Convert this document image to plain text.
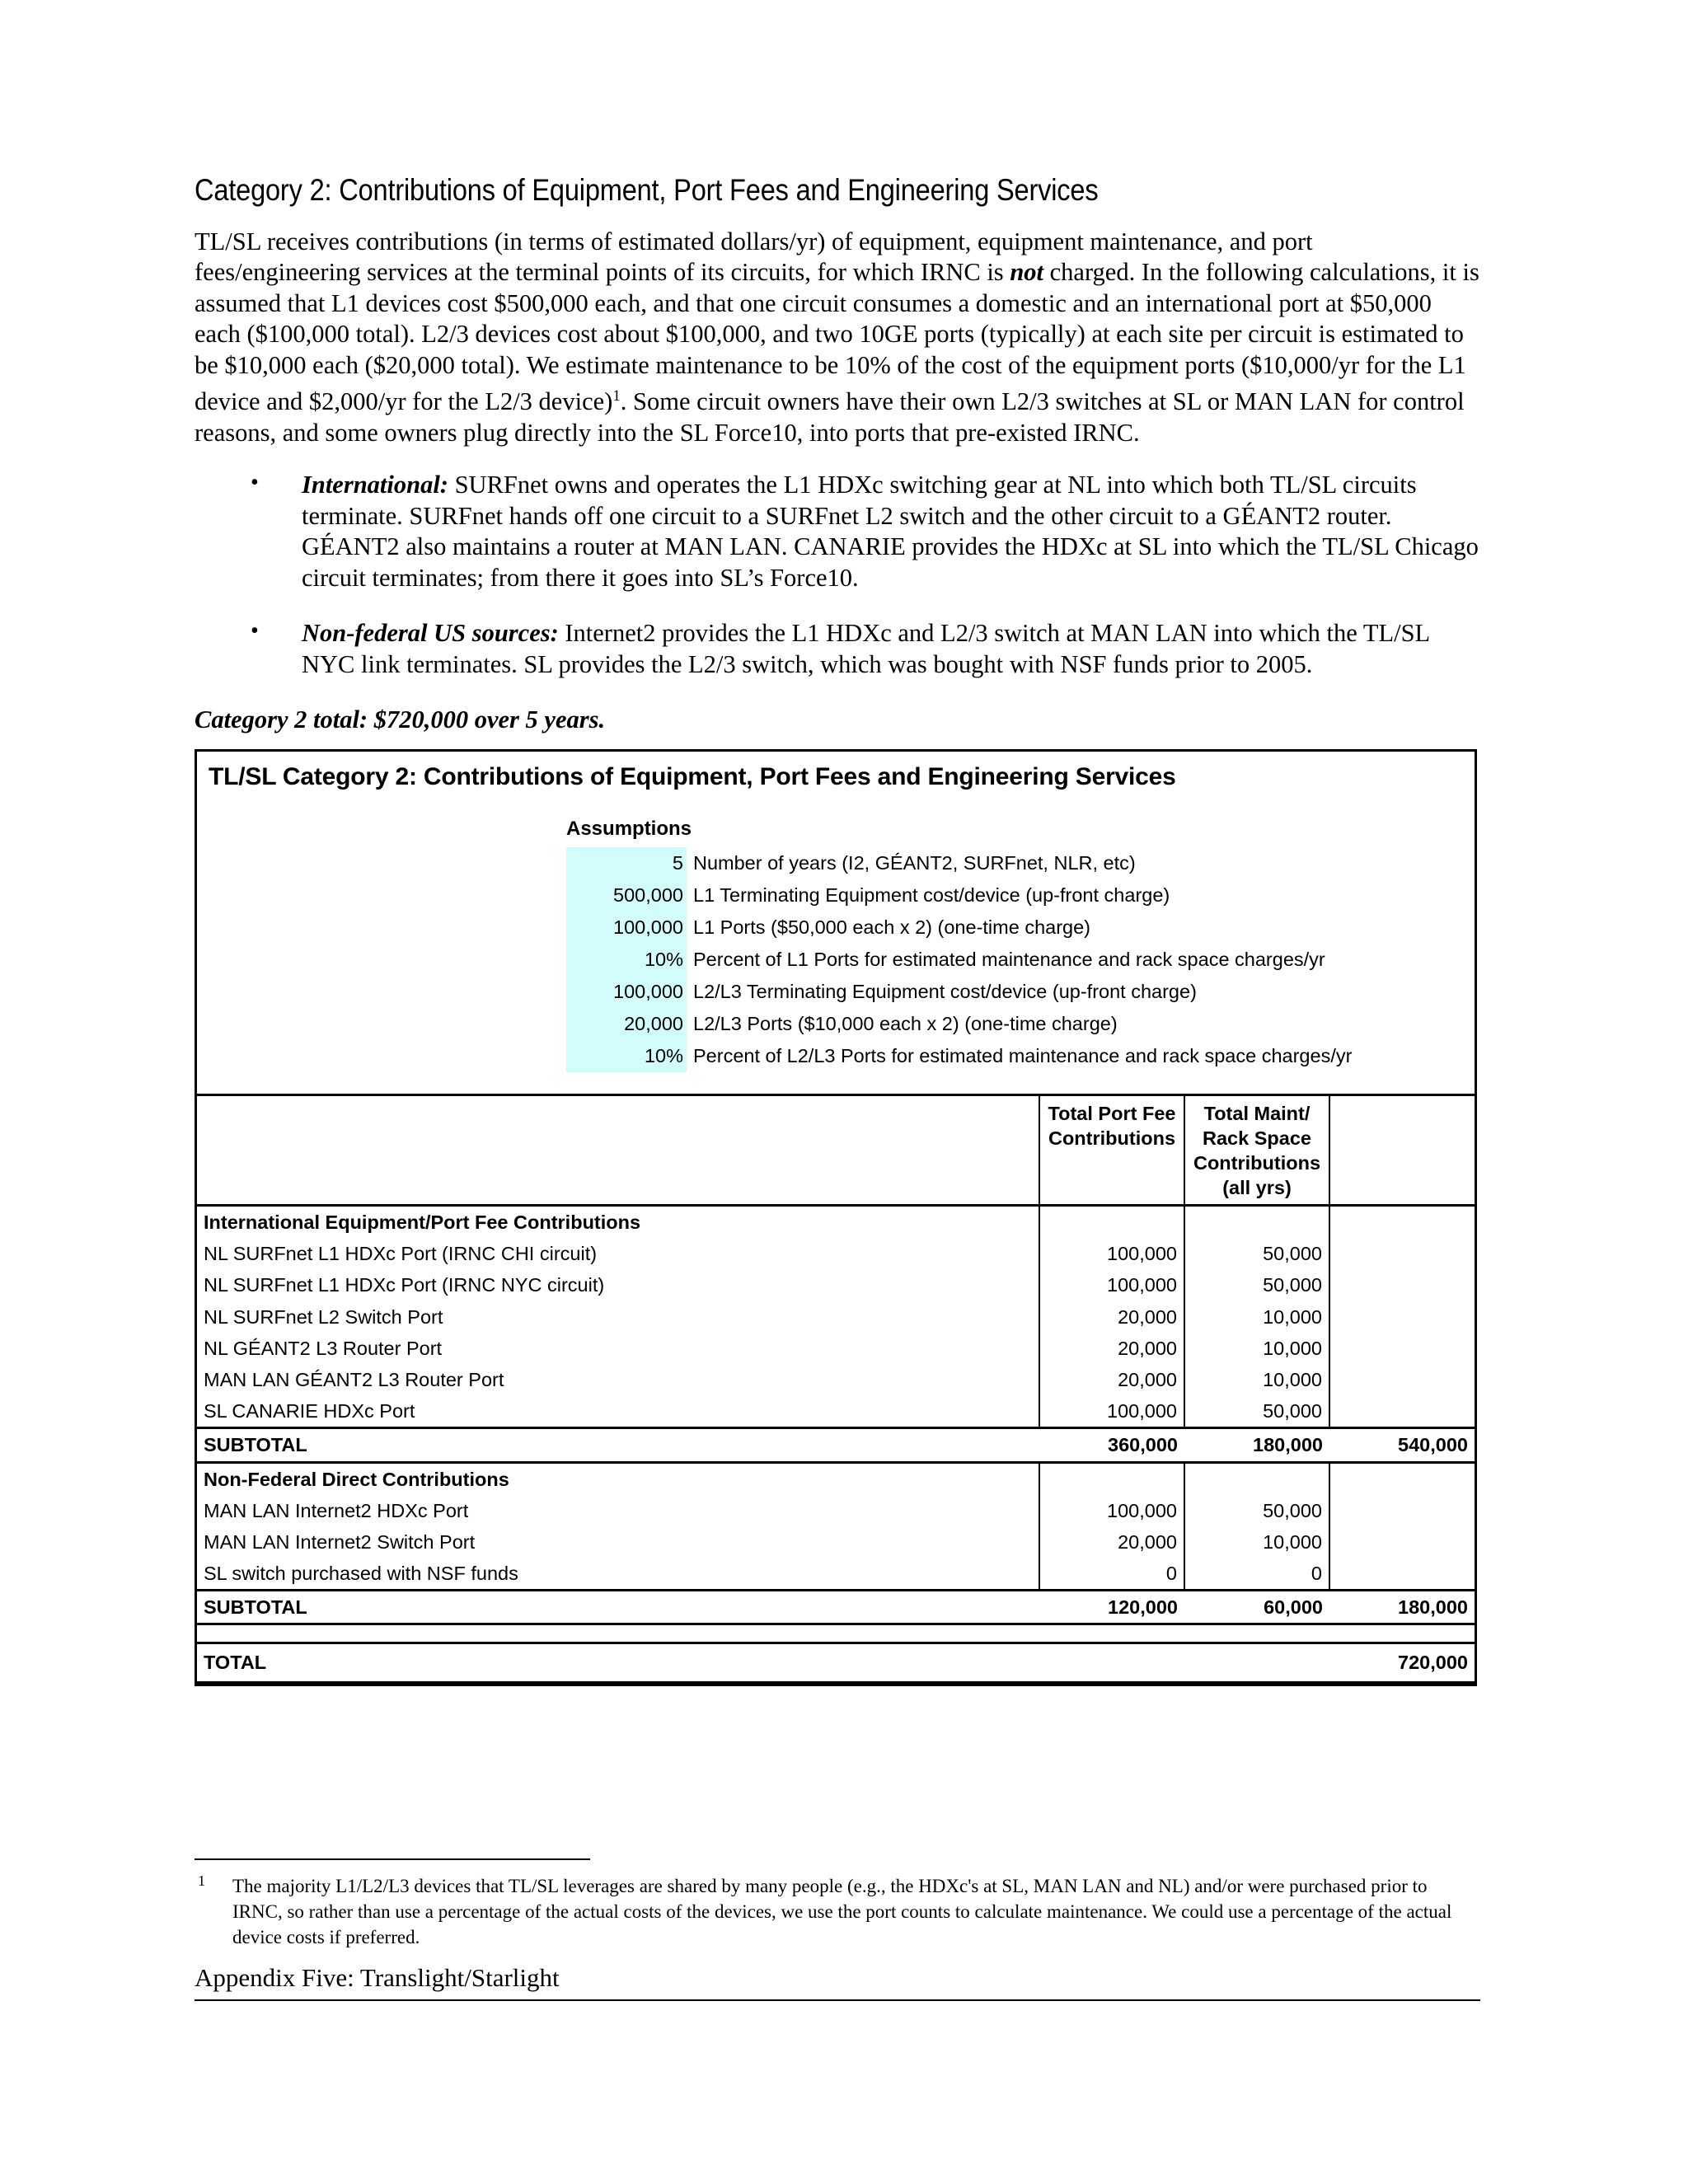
Category 2: Contributions of Equipment, Port Fees and Engineering Services

TL/SL receives contributions (in terms of estimated dollars/yr) of equipment, equipment maintenance, and port fees/engineering services at the terminal points of its circuits, for which IRNC is not charged. In the following calculations, it is assumed that L1 devices cost $500,000 each, and that one circuit consumes a domestic and an international port at $50,000 each ($100,000 total). L2/3 devices cost about $100,000, and two 10GE ports (typically) at each site per circuit is estimated to be $10,000 each ($20,000 total). We estimate maintenance to be 10% of the cost of the equipment ports ($10,000/yr for the L1 device and $2,000/yr for the L2/3 device)$^1$. Some circuit owners have their own L2/3 switches at SL or MAN LAN for control reasons, and some owners plug directly into the SL Force10, into ports that pre-existed IRNC.

• International: SURFnet owns and operates the L1 HDXc switching gear at NL into which both TL/SL circuits terminate. SURFnet hands off one circuit to a SURFnet L2 switch and the other circuit to a GÉANT2 router. GÉANT2 also maintains a router at MAN LAN. CANARIE provides the HDXc at SL into which the TL/SL Chicago circuit terminates; from there it goes into SL’s Force10.
• Non-federal US sources: Internet2 provides the L1 HDXc and L2/3 switch at MAN LAN into which the TL/SL NYC link terminates. SL provides the L2/3 switch, which was bought with NSF funds prior to 2005.

Category 2 total: $720,000 over 5 years.

TL/SL Category 2: Contributions of Equipment, Port Fees and Engineering Services
Assumptions
	5	Number of years (I2, GÉANT2, SURFnet, NLR, etc)
	500,000	L1 Terminating Equipment cost/device (up-front charge)
	100,000	L1 Ports ($50,000 each x 2) (one-time charge)
	10%	Percent of L1 Ports for estimated maintenance and rack space charges/yr
	100,000	L2/L3 Terminating Equipment cost/device (up-front charge)
	20,000	L2/L3 Ports ($10,000 each x 2) (one-time charge)
	10%	Percent of L2/L3 Ports for estimated maintenance and rack space charges/yr
	Total Port Fee Contributions	Total Maint/ Rack Space Contributions (all yrs)	
International Equipment/Port Fee Contributions			
NL SURFnet L1 HDXc Port (IRNC CHI circuit)	100,000	50,000	
NL SURFnet L1 HDXc Port (IRNC NYC circuit)	100,000	50,000	
NL SURFnet L2 Switch Port	20,000	10,000	
NL GÉANT2 L3 Router Port	20,000	10,000	
MAN LAN GÉANT2 L3 Router Port	20,000	10,000	
SL CANARIE HDXc Port	100,000	50,000	
SUBTOTAL	360,000	180,000	540,000
Non-Federal Direct Contributions			
MAN LAN Internet2 HDXc Port	100,000	50,000	
MAN LAN Internet2 Switch Port	20,000	10,000	
SL switch purchased with NSF funds	0	0	
SUBTOTAL	120,000	60,000	180,000

TOTAL			720,000
1 The majority L1/L2/L3 devices that TL/SL leverages are shared by many people (e.g., the HDXc's at SL, MAN LAN and NL) and/or were purchased prior to IRNC, so rather than use a percentage of the actual costs of the devices, we use the port counts to calculate maintenance. We could use a percentage of the actual device costs if preferred.
Appendix Five: Translight/Starlight
